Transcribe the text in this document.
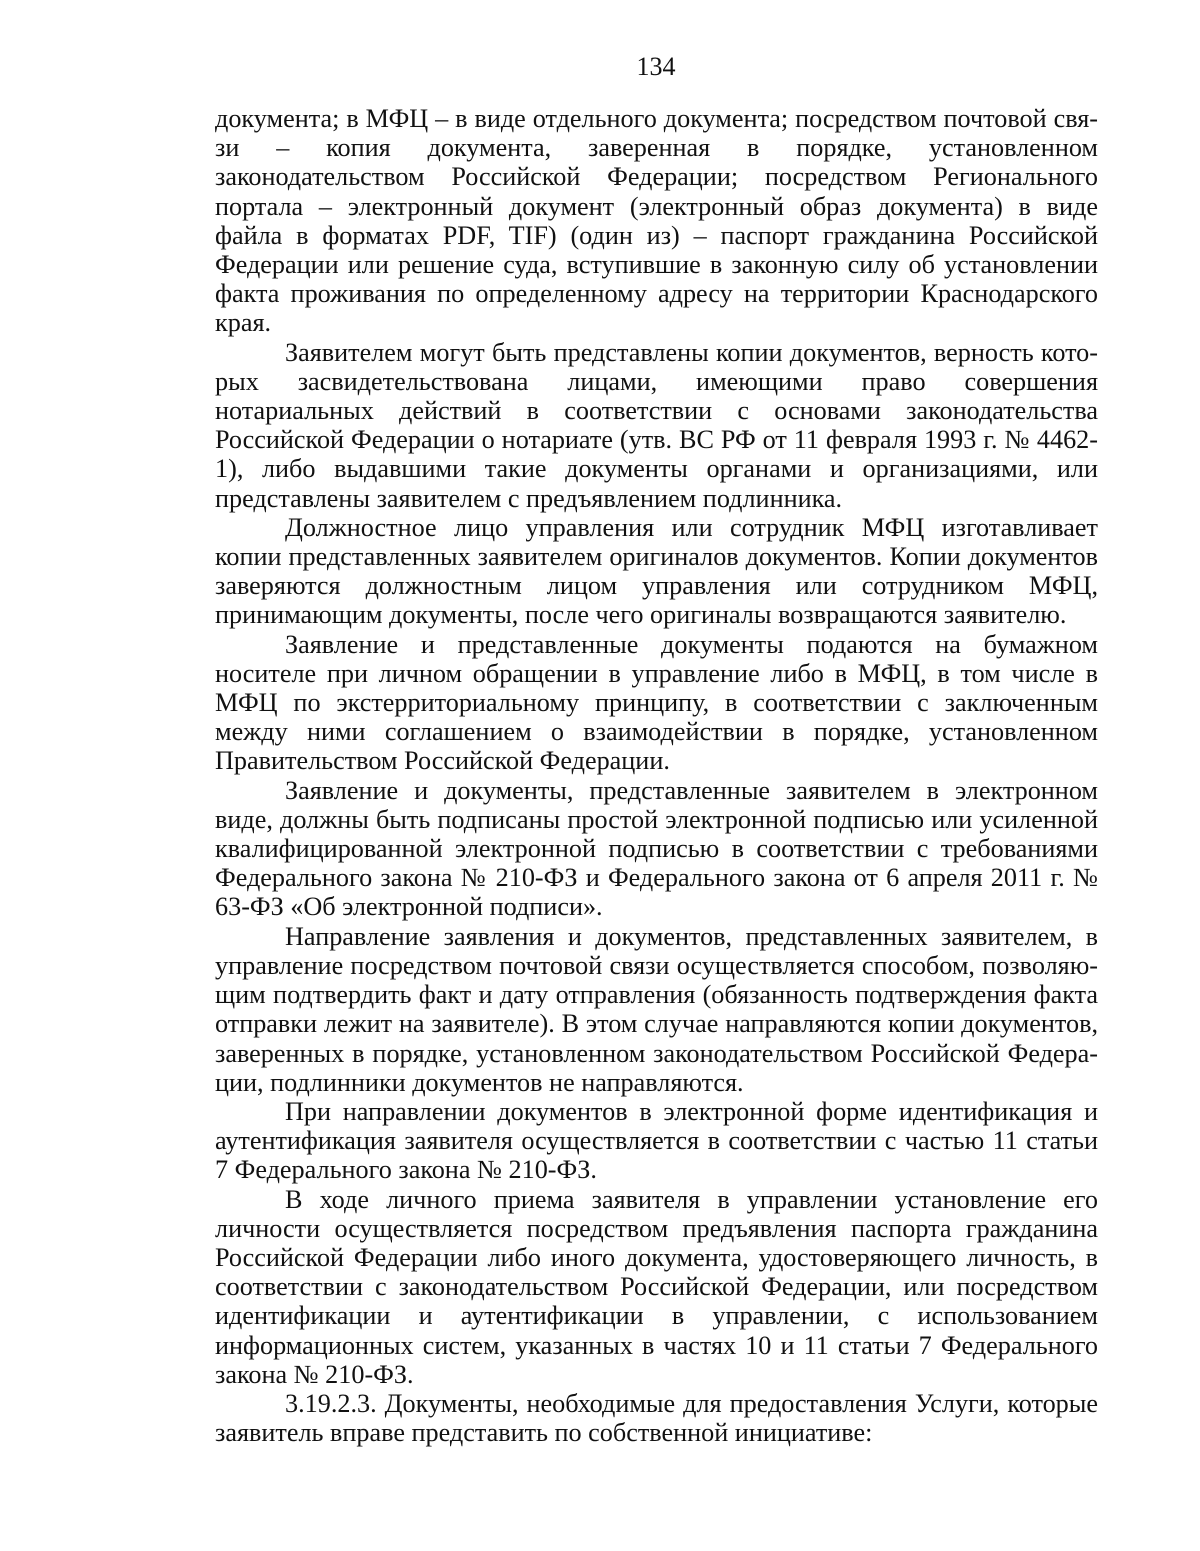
134

документа; в МФЦ – в виде отдельного документа; посредством почтовой связи – копия документа, заверенная в порядке, установленном законодательством Российской Федерации; посредством Регионального портала – электронный документ (электронный образ документа) в виде файла в форматах PDF, TIF) (один из) – паспорт гражданина Российской Федерации или решение суда, вступившие в законную силу об установлении факта проживания по определенному адресу на территории Краснодарского края.

Заявителем могут быть представлены копии документов, верность которых засвидетельствована лицами, имеющими право совершения нотариальных действий в соответствии с основами законодательства Российской Федерации о нотариате (утв. ВС РФ от 11 февраля 1993 г. № 4462-1), либо выдавшими такие документы органами и организациями, или представлены заявителем с предъявлением подлинника.

Должностное лицо управления или сотрудник МФЦ изготавливает копии представленных заявителем оригиналов документов. Копии документов заверяются должностным лицом управления или сотрудником МФЦ, принимающим документы, после чего оригиналы возвращаются заявителю.

Заявление и представленные документы подаются на бумажном носителе при личном обращении в управление либо в МФЦ, в том числе в МФЦ по экстерриториальному принципу, в соответствии с заключенным между ними соглашением о взаимодействии в порядке, установленном Правительством Российской Федерации.

Заявление и документы, представленные заявителем в электронном виде, должны быть подписаны простой электронной подписью или усиленной квалифицированной электронной подписью в соответствии с требованиями Федерального закона № 210-ФЗ и Федерального закона от 6 апреля 2011 г. № 63-ФЗ «Об электронной подписи».

Направление заявления и документов, представленных заявителем, в управление посредством почтовой связи осуществляется способом, позволяющим подтвердить факт и дату отправления (обязанность подтверждения факта отправки лежит на заявителе). В этом случае направляются копии документов, заверенных в порядке, установленном законодательством Российской Федерации, подлинники документов не направляются.

При направлении документов в электронной форме идентификация и аутентификация заявителя осуществляется в соответствии с частью 11 статьи 7 Федерального закона № 210-ФЗ.

В ходе личного приема заявителя в управлении установление его личности осуществляется посредством предъявления паспорта гражданина Российской Федерации либо иного документа, удостоверяющего личность, в соответствии с законодательством Российской Федерации, или посредством идентификации и аутентификации в управлении, с использованием информационных систем, указанных в частях 10 и 11 статьи 7 Федерального закона № 210-ФЗ.

3.19.2.3. Документы, необходимые для предоставления Услуги, которые заявитель вправе представить по собственной инициативе:
